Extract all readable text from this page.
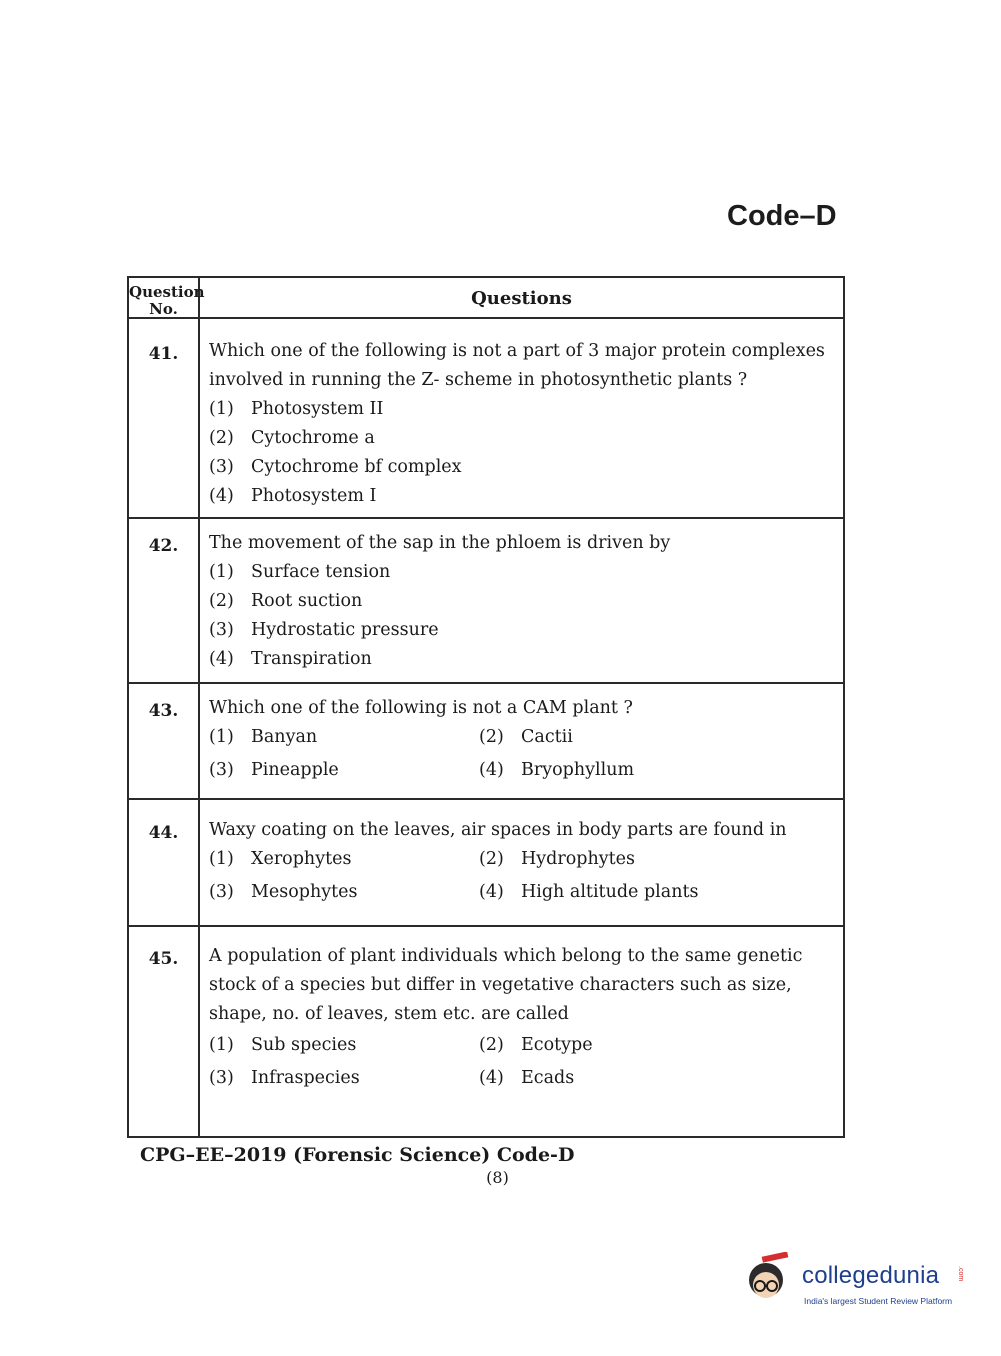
Code–D
Question
No.	Questions
41.	Which one of the following is not a part of 3 major protein complexes involved in running the Z- scheme in photosynthetic plants ?
(1) Photosystem II
(2) Cytochrome a
(3) Cytochrome bf complex
(4) Photosystem I
42.	The movement of the sap in the phloem is driven by
(1) Surface tension
(2) Root suction
(3) Hydrostatic pressure
(4) Transpiration
43.	Which one of the following is not a CAM plant ?
(1) Banyan	(2) Cactii
(3) Pineapple	(4) Bryophyllum
44.	Waxy coating on the leaves, air spaces in body parts are found in
(1) Xerophytes	(2) Hydrophytes
(3) Mesophytes	(4) High altitude plants
45.	A population of plant individuals which belong to the same genetic stock of a species but differ in vegetative characters such as size, shape, no. of leaves, stem etc. are called
(1) Sub species	(2) Ecotype
(3) Infraspecies	(4) Ecads
CPG–EE–2019 (Forensic Science) Code-D
(8)
collegedunia	.com
India's largest Student Review Platform
